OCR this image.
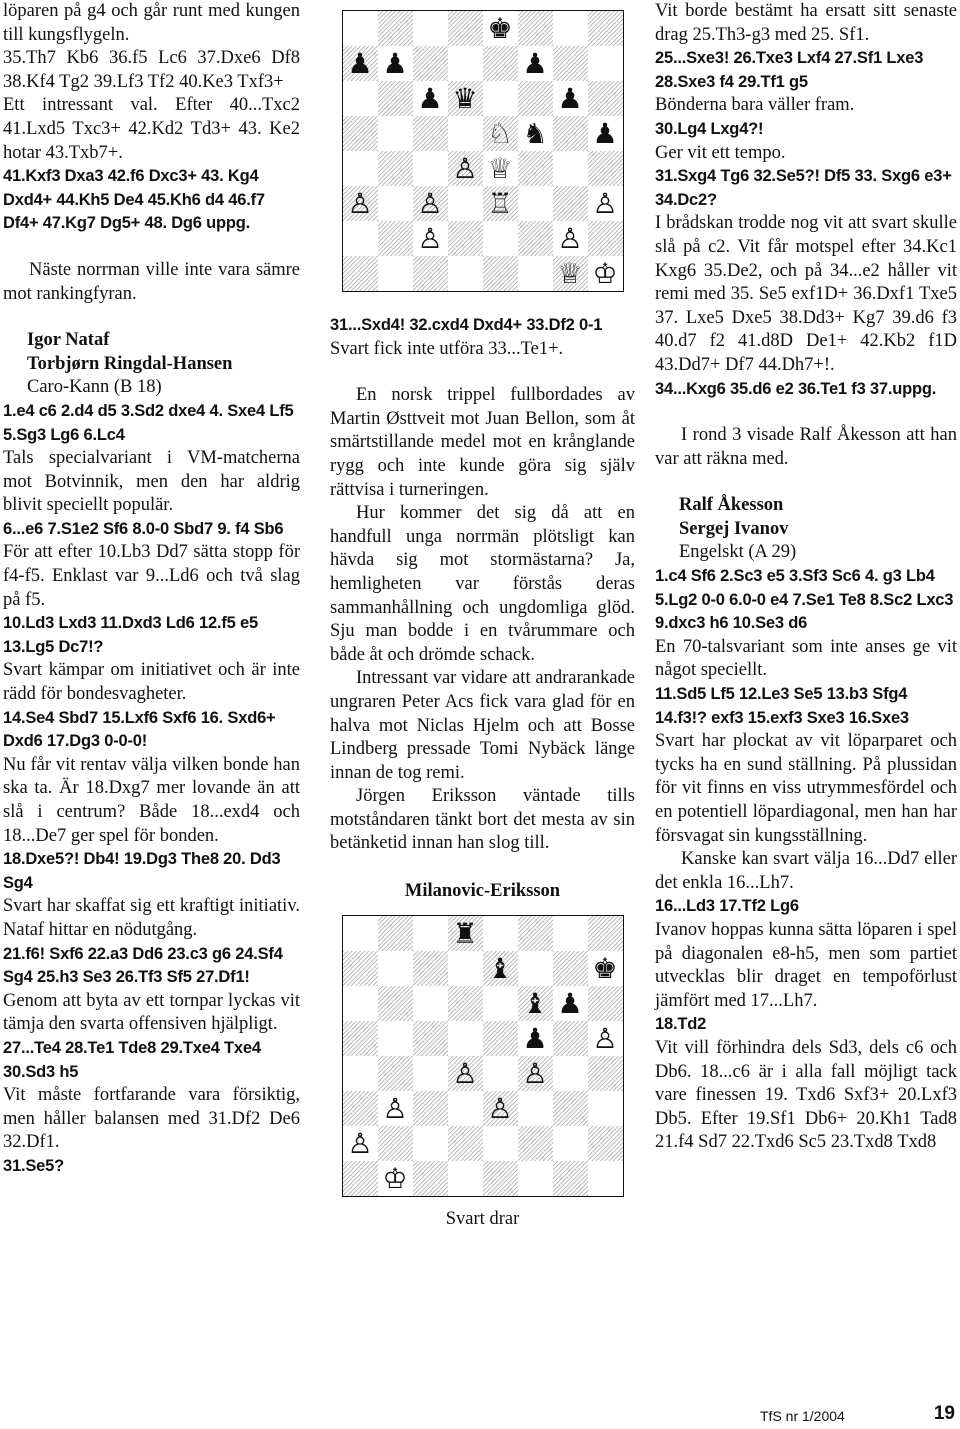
löparen på g4 och går runt med kungen till kungsflygeln.
35.Th7 Kb6 36.f5 Lc6 37.Dxe6 Df8 38.Kf4 Tg2 39.Lf3 Tf2 40.Ke3 Txf3+
Ett intressant val. Efter 40...Txc2 41.Lxd5 Txc3+ 42.Kd2 Td3+ 43. Ke2 hotar 43.Txb7+.
41.Kxf3 Dxa3 42.f6 Dxc3+ 43. Kg4 Dxd4+ 44.Kh5 De4 45.Kh6 d4 46.f7 Df4+ 47.Kg7 Dg5+ 48. Dg6 uppg.
Näste norrman ville inte vara sämre mot rankingfyran.
Igor Nataf
Torbjørn Ringdal-Hansen
Caro-Kann (B 18)
1.e4 c6 2.d4 d5 3.Sd2 dxe4 4. Sxe4 Lf5 5.Sg3 Lg6 6.Lc4
Tals specialvariant i VM-matcherna mot Botvinnik, men den har aldrig blivit speciellt populär.
6...e6 7.S1e2 Sf6 8.0-0 Sbd7 9. f4 Sb6
För att efter 10.Lb3 Dd7 sätta stopp för f4-f5. Enklast var 9...Ld6 och två slag på f5.
10.Ld3 Lxd3 11.Dxd3 Ld6 12.f5 e5 13.Lg5 Dc7!?
Svart kämpar om initiativet och är inte rädd för bondesvagheter.
14.Se4 Sbd7 15.Lxf6 Sxf6 16. Sxd6+ Dxd6 17.Dg3 0-0-0!
Nu får vit rentav välja vilken bonde han ska ta. Är 18.Dxg7 mer lovande än att slå i centrum? Både 18...exd4 och 18...De7 ger spel för bonden.
18.Dxe5?! Db4! 19.Dg3 The8 20. Dd3 Sg4
Svart har skaffat sig ett kraftigt initiativ. Nataf hittar en nödutgång.
21.f6! Sxf6 22.a3 Dd6 23.c3 g6 24.Sf4 Sg4 25.h3 Se3 26.Tf3 Sf5 27.Df1!
Genom att byta av ett tornpar lyckas vit tämja den svarta offensiven hjälpligt.
27...Te4 28.Te1 Tde8 29.Txe4 Txe4 30.Sd3 h5
Vit måste fortfarande vara försiktig, men håller balansen med 31.Df2 De6 32.Df1.
31.Se5?
♚
♟ ♟	♟
♟ ♛	♟
♘ ♞ ♟
♙ ♕
♙ ♙ ♖	♙
♙	♙
♕ ♔
31...Sxd4! 32.cxd4 Dxd4+ 33.Df2 0-1
Svart fick inte utföra 33...Te1+.
En norsk trippel fullbordades av Martin Østtveit mot Juan Bellon, som åt smärtstillande medel mot en krånglande rygg och inte kunde göra sig själv rättvisa i turneringen.
Hur kommer det sig då att en handfull unga norrmän plötsligt kan hävda sig mot stormästarna? Ja, hemligheten var förstås deras sammanhållning och ungdomliga glöd. Sju man bodde i en tvårummare och både åt och drömde schack.
Intressant var vidare att andrarankade ungraren Peter Acs fick vara glad för en halva mot Niclas Hjelm och att Bosse Lindberg pressade Tomi Nybäck länge innan de tog remi.
Jörgen Eriksson väntade tills motståndaren tänkt bort det mesta av sin betänketid innan han slog till.
Milanovic-Eriksson
♜
♝	♚
♝ ♟
♟ ♙
♙ ♙
♙	♙
♙
♔
Svart drar
Vit borde bestämt ha ersatt sitt senaste drag 25.Th3-g3 med 25. Sf1.
25...Sxe3! 26.Txe3 Lxf4 27.Sf1 Lxe3 28.Sxe3 f4 29.Tf1 g5
Bönderna bara väller fram.
30.Lg4 Lxg4?!
Ger vit ett tempo.
31.Sxg4 Tg6 32.Se5?! Df5 33. Sxg6 e3+ 34.Dc2?
I brådskan trodde nog vit att svart skulle slå på c2. Vit får motspel efter 34.Kc1 Kxg6 35.De2, och på 34...e2 håller vit remi med 35. Se5 exf1D+ 36.Dxf1 Txe5 37. Lxe5 Dxe5 38.Dd3+ Kg7 39.d6 f3 40.d7 f2 41.d8D De1+ 42.Kb2 f1D 43.Dd7+ Df7 44.Dh7+!.
34...Kxg6 35.d6 e2 36.Te1 f3 37.uppg.
I rond 3 visade Ralf Åkesson att han var att räkna med.
Ralf Åkesson
Sergej Ivanov
Engelskt (A 29)
1.c4 Sf6 2.Sc3 e5 3.Sf3 Sc6 4. g3 Lb4 5.Lg2 0-0 6.0-0 e4 7.Se1 Te8 8.Sc2 Lxc3 9.dxc3 h6 10.Se3 d6
En 70-talsvariant som inte anses ge vit något speciellt.
11.Sd5 Lf5 12.Le3 Se5 13.b3 Sfg4 14.f3!? exf3 15.exf3 Sxe3 16.Sxe3
Svart har plockat av vit löparparet och tycks ha en sund ställning. På plussidan för vit finns en viss utrymmesfördel och en potentiell löpardiagonal, men han har försvagat sin kungsställning.
Kanske kan svart välja 16...Dd7 eller det enkla 16...Lh7.
16...Ld3 17.Tf2 Lg6
Ivanov hoppas kunna sätta löparen i spel på diagonalen e8-h5, men som partiet utvecklas blir draget en tempoförlust jämfört med 17...Lh7.
18.Td2
Vit vill förhindra dels Sd3, dels c6 och Db6. 18...c6 är i alla fall möjligt tack vare finessen 19. Txd6 Sxf3+ 20.Lxf3 Db5. Efter 19.Sf1 Db6+ 20.Kh1 Tad8 21.f4 Sd7 22.Txd6 Sc5 23.Txd8 Txd8
TfS nr 1/2004	19
